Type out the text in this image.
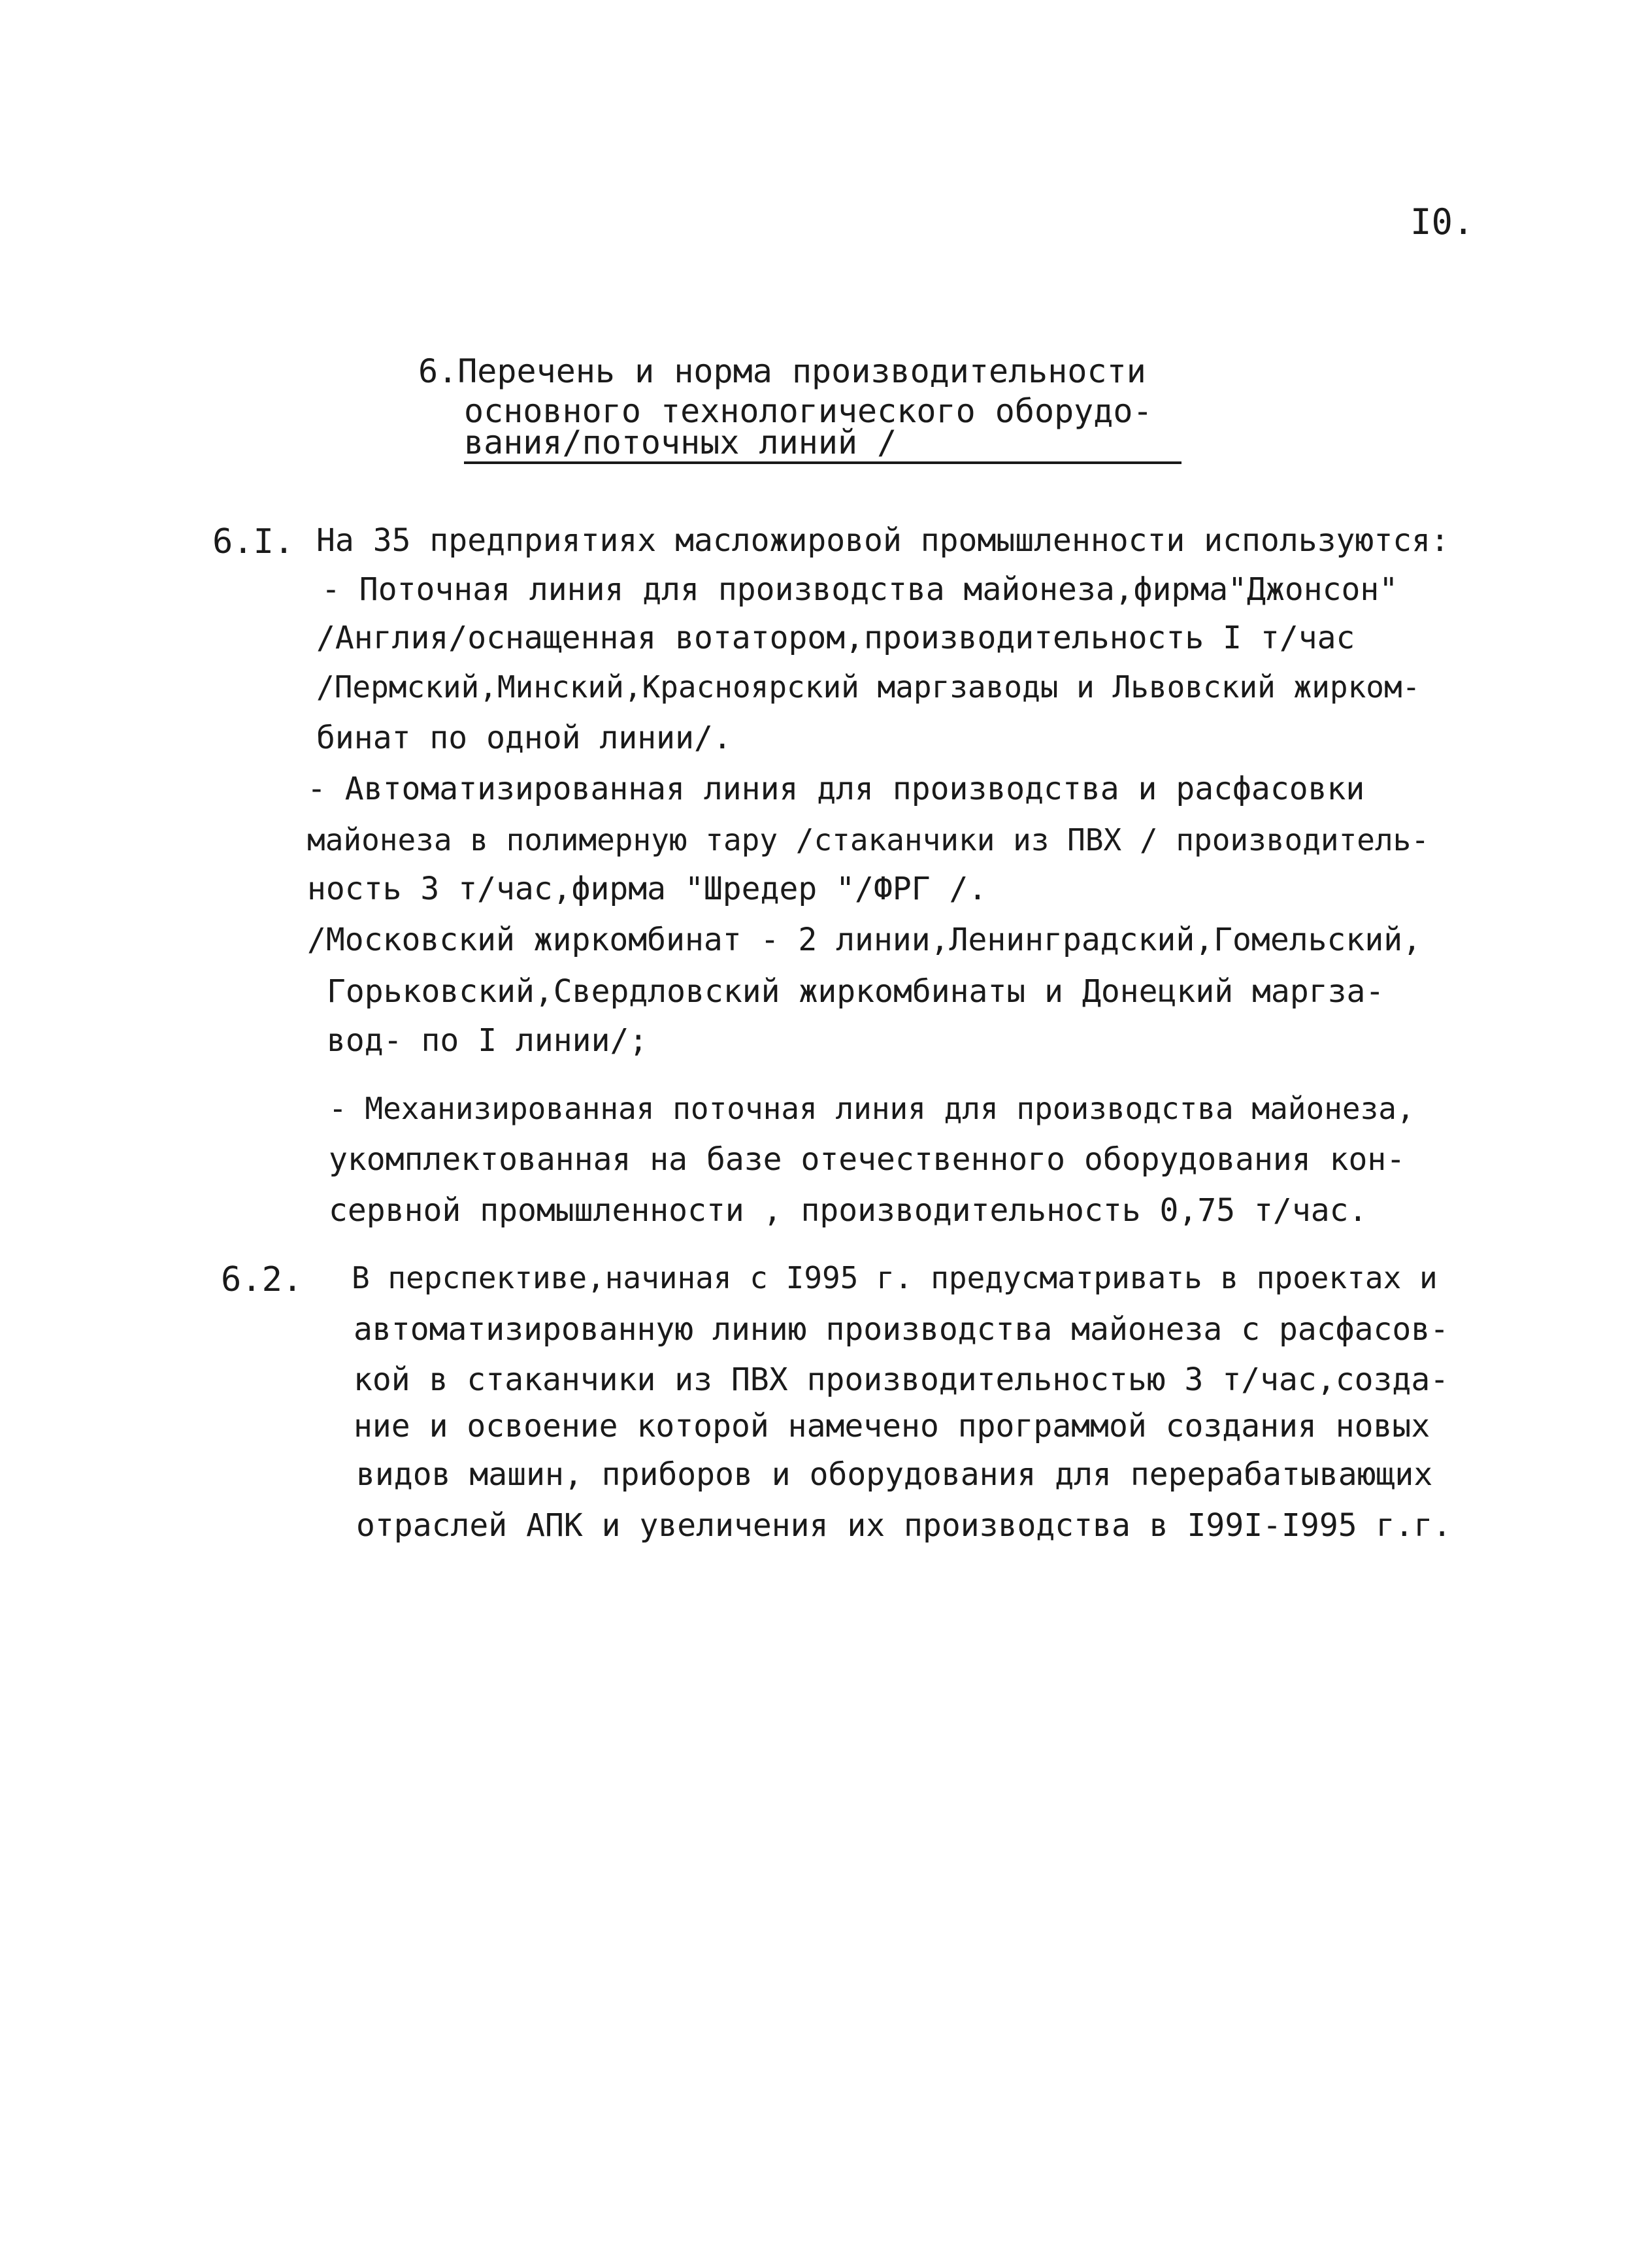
I0.
6.Перечень и норма производительности
основного технологического оборудо-
вания/поточных линий /
6.I. На 35 предприятиях масложировой промышленности используются:
- Поточная линия для производства майонеза,фирма"Джонсон"
/Англия/оснащенная вотатором,производительность I т/час
/Пермский,Минский,Красноярский маргзаводы и Львовский жирком-
бинат по одной линии/.
- Автоматизированная линия для производства и расфасовки
майонеза в полимерную тару /стаканчики из ПВХ / производитель-
ность 3 т/час,фирма "Шредер "/ФРГ /.
/Московский жиркомбинат - 2 линии,Ленинградский,Гомельский,
Горьковский,Свердловский жиркомбинаты и Донецкий маргза-
вод- по I линии/;
- Механизированная поточная линия для производства майонеза,
укомплектованная на базе отечественного оборудования кон-
сервной промышленности , производительность 0,75 т/час.
6.2. В перспективе,начиная с I995 г. предусматривать в проектах и
автоматизированную линию производства майонеза с расфасов-
кой в стаканчики из ПВХ производительностью 3 т/час,созда-
ние и освоение которой намечено программой создания новых
видов машин, приборов и оборудования для перерабатывающих
отраслей АПК и увеличения их производства в I99I-I995 г.г.
